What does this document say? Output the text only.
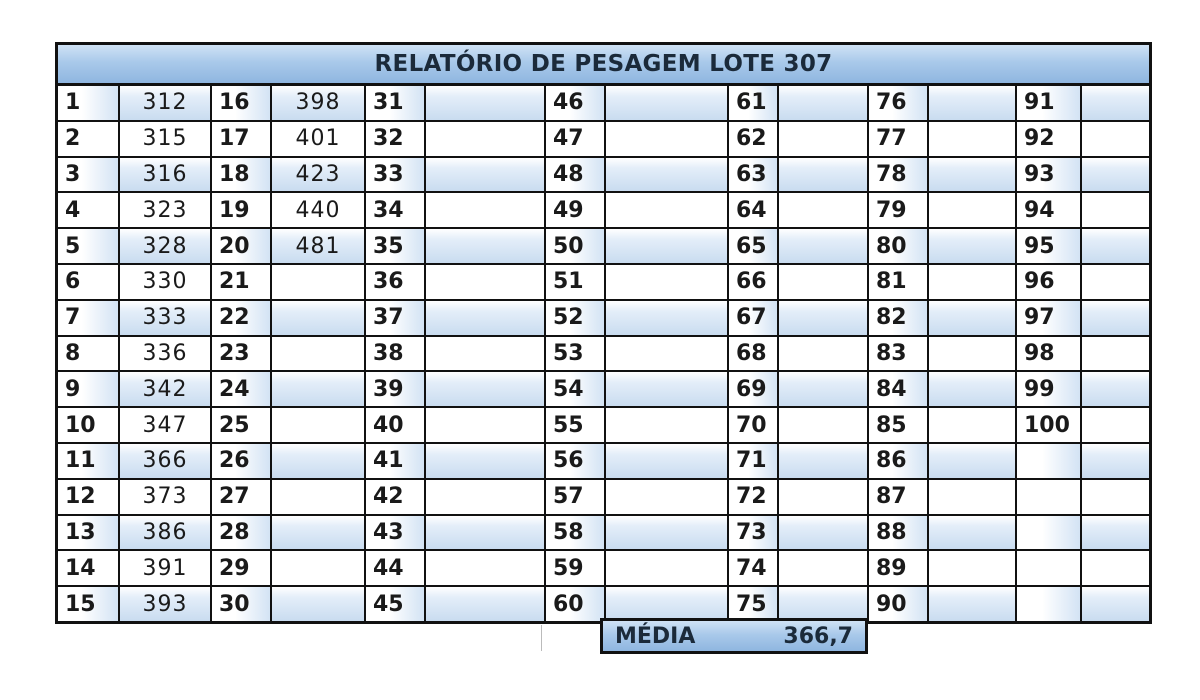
RELATÓRIO DE PESAGEM LOTE 307
1	312	16	398	31		46		61		76		91	
2	315	17	401	32		47		62		77		92	
3	316	18	423	33		48		63		78		93	
4	323	19	440	34		49		64		79		94	
5	328	20	481	35		50		65		80		95	
6	330	21		36		51		66		81		96	
7	333	22		37		52		67		82		97	
8	336	23		38		53		68		83		98	
9	342	24		39		54		69		84		99	
10	347	25		40		55		70		85		100	
11	366	26		41		56		71		86			
12	373	27		42		57		72		87			
13	386	28		43		58		73		88			
14	391	29		44		59		74		89			
15	393	30		45		60		75		90			
MÉDIA	366,7
